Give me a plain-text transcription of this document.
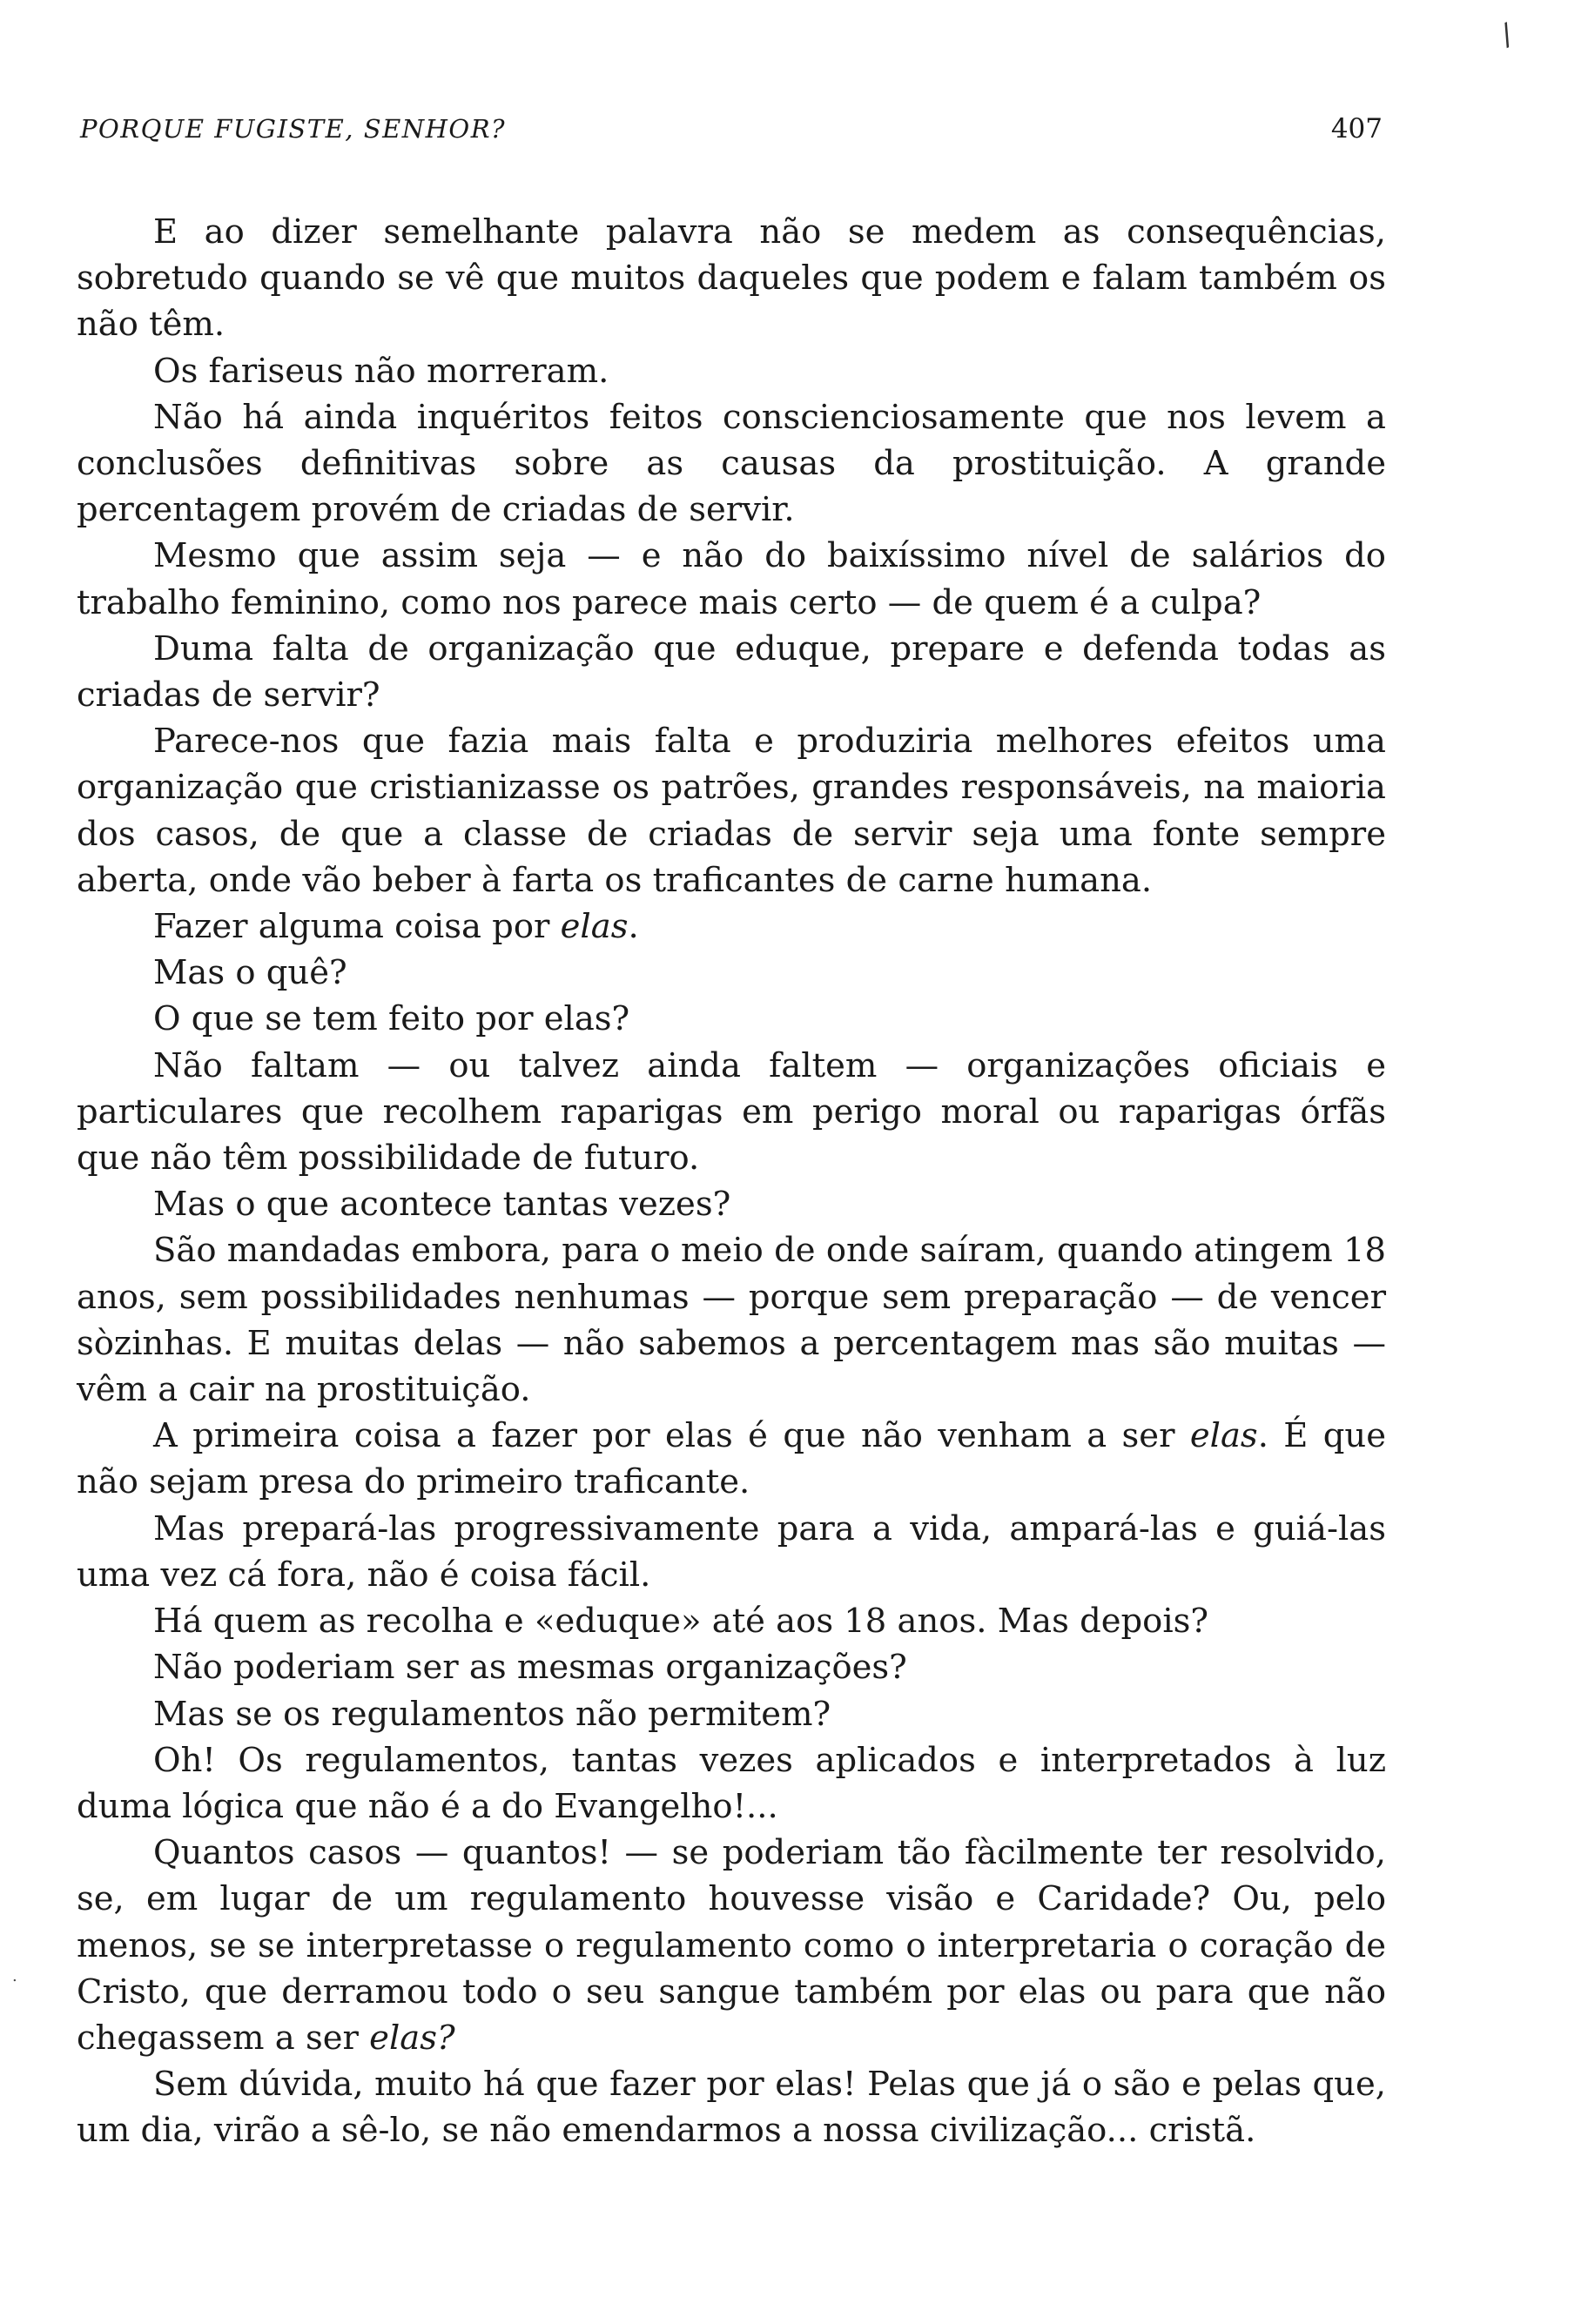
/
.
PORQUE FUGISTE, SENHOR?	407

E ao dizer semelhante palavra não se medem as consequências, sobretudo quando se vê que muitos daqueles que podem e falam também os não têm.

Os fariseus não morreram.

Não há ainda inquéritos feitos conscienciosamente que nos levem a conclusões definitivas sobre as causas da prostituição. A grande percentagem provém de criadas de servir.

Mesmo que assim seja — e não do baixíssimo nível de salários do trabalho feminino, como nos parece mais certo — de quem é a culpa?

Duma falta de organização que eduque, prepare e defenda todas as criadas de servir?

Parece-nos que fazia mais falta e produziria melhores efeitos uma organização que cristianizasse os patrões, grandes responsáveis, na maioria dos casos, de que a classe de criadas de servir seja uma fonte sempre aberta, onde vão beber à farta os traficantes de carne humana.

Fazer alguma coisa por elas.

Mas o quê?

O que se tem feito por elas?

Não faltam — ou talvez ainda faltem — organizações oficiais e particulares que recolhem raparigas em perigo moral ou raparigas órfãs que não têm possibilidade de futuro.

Mas o que acontece tantas vezes?

São mandadas embora, para o meio de onde saíram, quando atingem 18 anos, sem possibilidades nenhumas — porque sem preparação — de vencer sòzinhas. E muitas delas — não sabemos a percentagem mas são muitas — vêm a cair na prostituição.

A primeira coisa a fazer por elas é que não venham a ser elas. É que não sejam presa do primeiro traficante.

Mas prepará-las progressivamente para a vida, ampará-las e guiá-las uma vez cá fora, não é coisa fácil.

Há quem as recolha e «eduque» até aos 18 anos. Mas depois?

Não poderiam ser as mesmas organizações?

Mas se os regulamentos não permitem?

Oh! Os regulamentos, tantas vezes aplicados e interpretados à luz duma lógica que não é a do Evangelho!...

Quantos casos — quantos! — se poderiam tão fàcilmente ter resolvido, se, em lugar de um regulamento houvesse visão e Caridade? Ou, pelo menos, se se interpretasse o regulamento como o interpretaria o coração de Cristo, que derramou todo o seu sangue também por elas ou para que não chegassem a ser elas?

Sem dúvida, muito há que fazer por elas! Pelas que já o são e pelas que, um dia, virão a sê-lo, se não emendarmos a nossa civilização... cristã.
